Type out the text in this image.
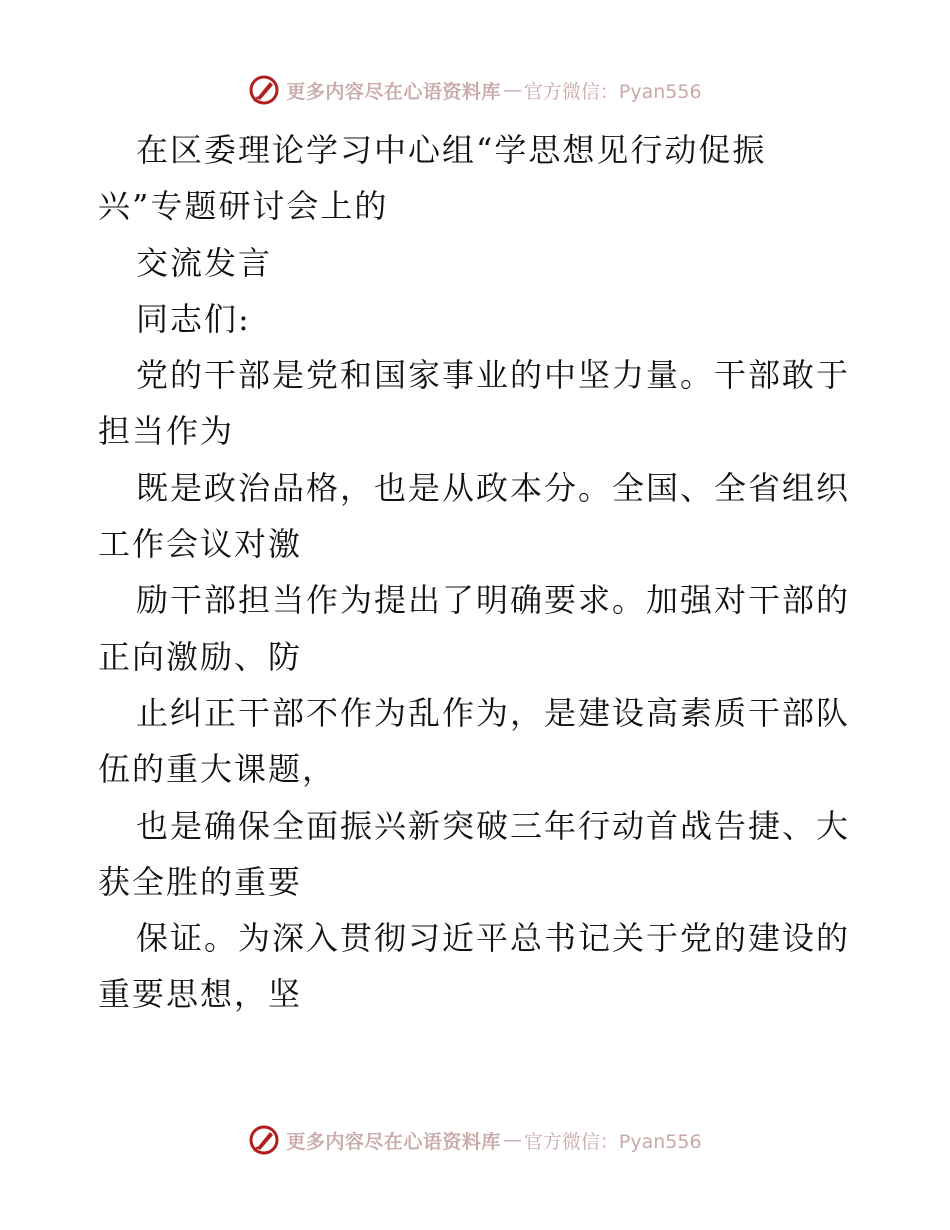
更多内容尽在心语资料库 — 官方微信：Pyan556
在区委理论学习中心组“学思想见行动促振
兴”专题研讨会上的
交流发言
同志们:
党的干部是党和国家事业的中坚力量。干部敢于
担当作为
既是政治品格，也是从政本分。全国、全省组织
工作会议对激
励干部担当作为提出了明确要求。加强对干部的
正向激励、防
止纠正干部不作为乱作为，是建设高素质干部队
伍的重大课题，
也是确保全面振兴新突破三年行动首战告捷、大
获全胜的重要
保证。为深入贯彻习近平总书记关于党的建设的
重要思想，坚
更多内容尽在心语资料库 — 官方微信：Pyan556
